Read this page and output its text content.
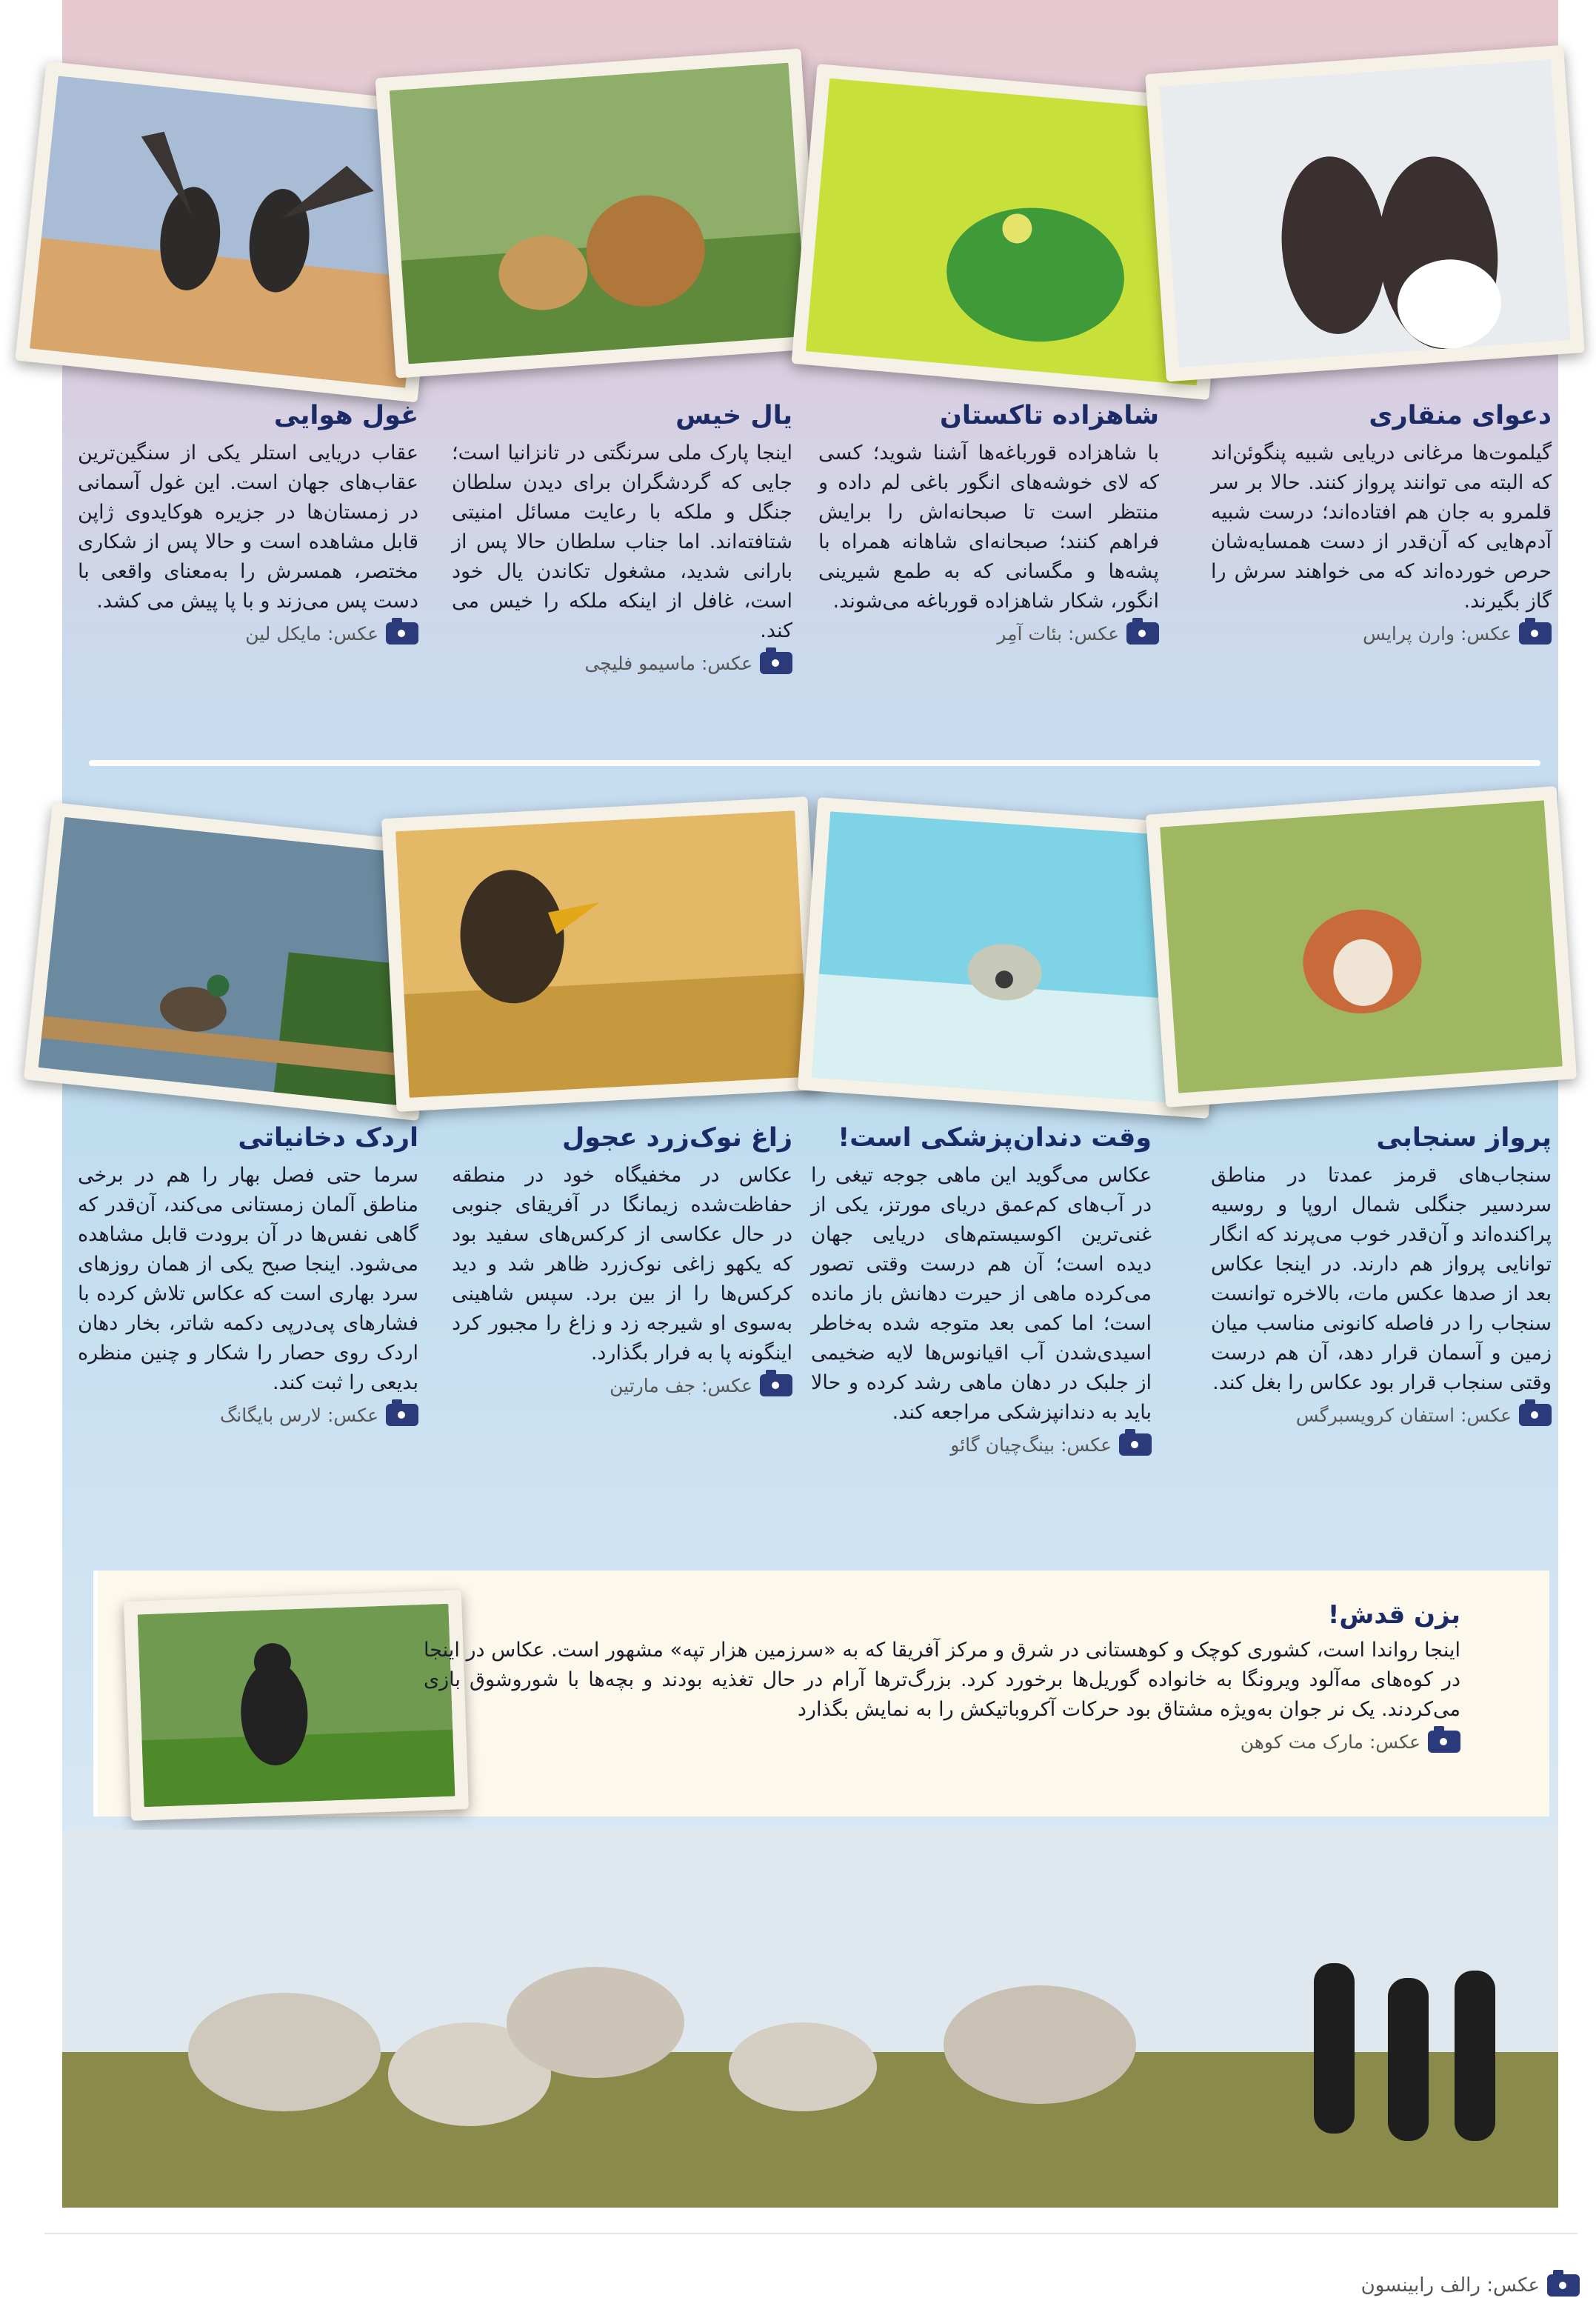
دعوای منقاری

گیلموت‌ها مرغانی دریایی شبیه پنگوئن‌اند که البته می توانند پرواز کنند. حالا بر سر قلمرو به جان هم افتاده‌اند؛ درست شبیه آدم‌هایی که آن‌قدر از دست همسایه‌شان حرص خورده‌اند که می خواهند سرش را گاز بگیرند.

عکس: وارن پرایس
شاهزاده تاکستان

با شاهزاده قورباغه‌ها آشنا شوید؛ کسی که لای خوشه‌های انگور باغی لم داده و منتظر است تا صبحانه‌اش را برایش فراهم کنند؛ صبحانه‌ای شاهانه همراه با پشه‌ها و مگسانی که به طمع شیرینی انگور، شکار شاهزاده قورباغه می‌شوند.

عکس: بئات آمِر
یال خیس

اینجا پارک ملی سرنگتی در تانزانیا است؛ جایی که گردشگران برای دیدن سلطان جنگل و ملکه با رعایت مسائل امنیتی شتافته‌اند. اما جناب سلطان حالا پس از بارانی شدید، مشغول تکاندن یال خود است، غافل از اینکه ملکه را خیس می کند.

عکس: ماسیمو فلیچی
غول هوایی

عقاب دریایی استلر یکی از سنگین‌ترین عقاب‌های جهان است. این غول آسمانی در زمستان‌ها در جزیره هوکایدوی ژاپن قابل مشاهده است و حالا پس از شکاری مختصر، همسرش را به‌معنای واقعی با دست پس می‌زند و با پا پیش می کشد.

عکس: مایکل لین
پرواز سنجابی

سنجاب‌های قرمز عمدتا در مناطق سردسیر جنگلی شمال اروپا و روسیه پراکنده‌اند و آن‌قدر خوب می‌پرند که انگار توانایی پرواز هم دارند. در اینجا عکاس بعد از صدها عکس مات، بالاخره توانست سنجاب را در فاصله کانونی مناسب میان زمین و آسمان قرار دهد، آن هم درست وقتی سنجاب قرار بود عکاس را بغل کند.

عکس: استفان کرویسبرگس
وقت دندان‌پزشکی است!

عکاس می‌گوید این ماهی جوجه تیغی را در آب‌های کم‌عمق دریای مورتز، یکی از غنی‌ترین اکوسیستم‌های دریایی جهان دیده است؛ آن هم درست وقتی تصور می‌کرده ماهی از حیرت دهانش باز مانده است؛ اما کمی بعد متوجه شده به‌خاطر اسیدی‌شدن آب اقیانوس‌ها لایه ضخیمی از جلبک در دهان ماهی رشد کرده و حالا باید به دندانپزشکی مراجعه کند.

عکس: بینگ‌چیان گائو
زاغ نوک‌زرد عجول

عکاس در مخفیگاه خود در منطقه حفاظت‌شده زیمانگا در آفریقای جنوبی در حال عکاسی از کرکس‌های سفید بود که یکهو زاغی نوک‌زرد ظاهر شد و دید کرکس‌ها را از بین برد. سپس شاهینی به‌سوی او شیرجه زد و زاغ را مجبور کرد اینگونه پا به فرار بگذارد.

عکس: جف مارتین
اردک دخانیاتی

سرما حتی فصل بهار را هم در برخی مناطق آلمان زمستانی می‌کند، آن‌قدر که گاهی نفس‌ها در آن برودت قابل مشاهده می‌شود. اینجا صبح یکی از همان روزهای سرد بهاری است که عکاس تلاش کرده با فشارهای پی‌درپی دکمه شاتر، بخار دهان اردک روی حصار را شکار و چنین منظره بدیعی را ثبت کند.

عکس: لارس بایگانگ
بزن قدش!

اینجا رواندا است، کشوری کوچک و کوهستانی در شرق و مرکز آفریقا که به «سرزمین هزار تپه» مشهور است. عکاس در اینجا در کوه‌های مه‌آلود ویرونگا به خانواده گوریل‌ها برخورد کرد. بزرگ‌ترها آرام در حال تغذیه بودند و بچه‌ها با شوروشوق بازی می‌کردند. یک نر جوان به‌ویژه مشتاق بود حرکات آکروباتیکش را به نمایش بگذارد

عکس: مارک مت کوهن
عکس: رالف رابینسون
